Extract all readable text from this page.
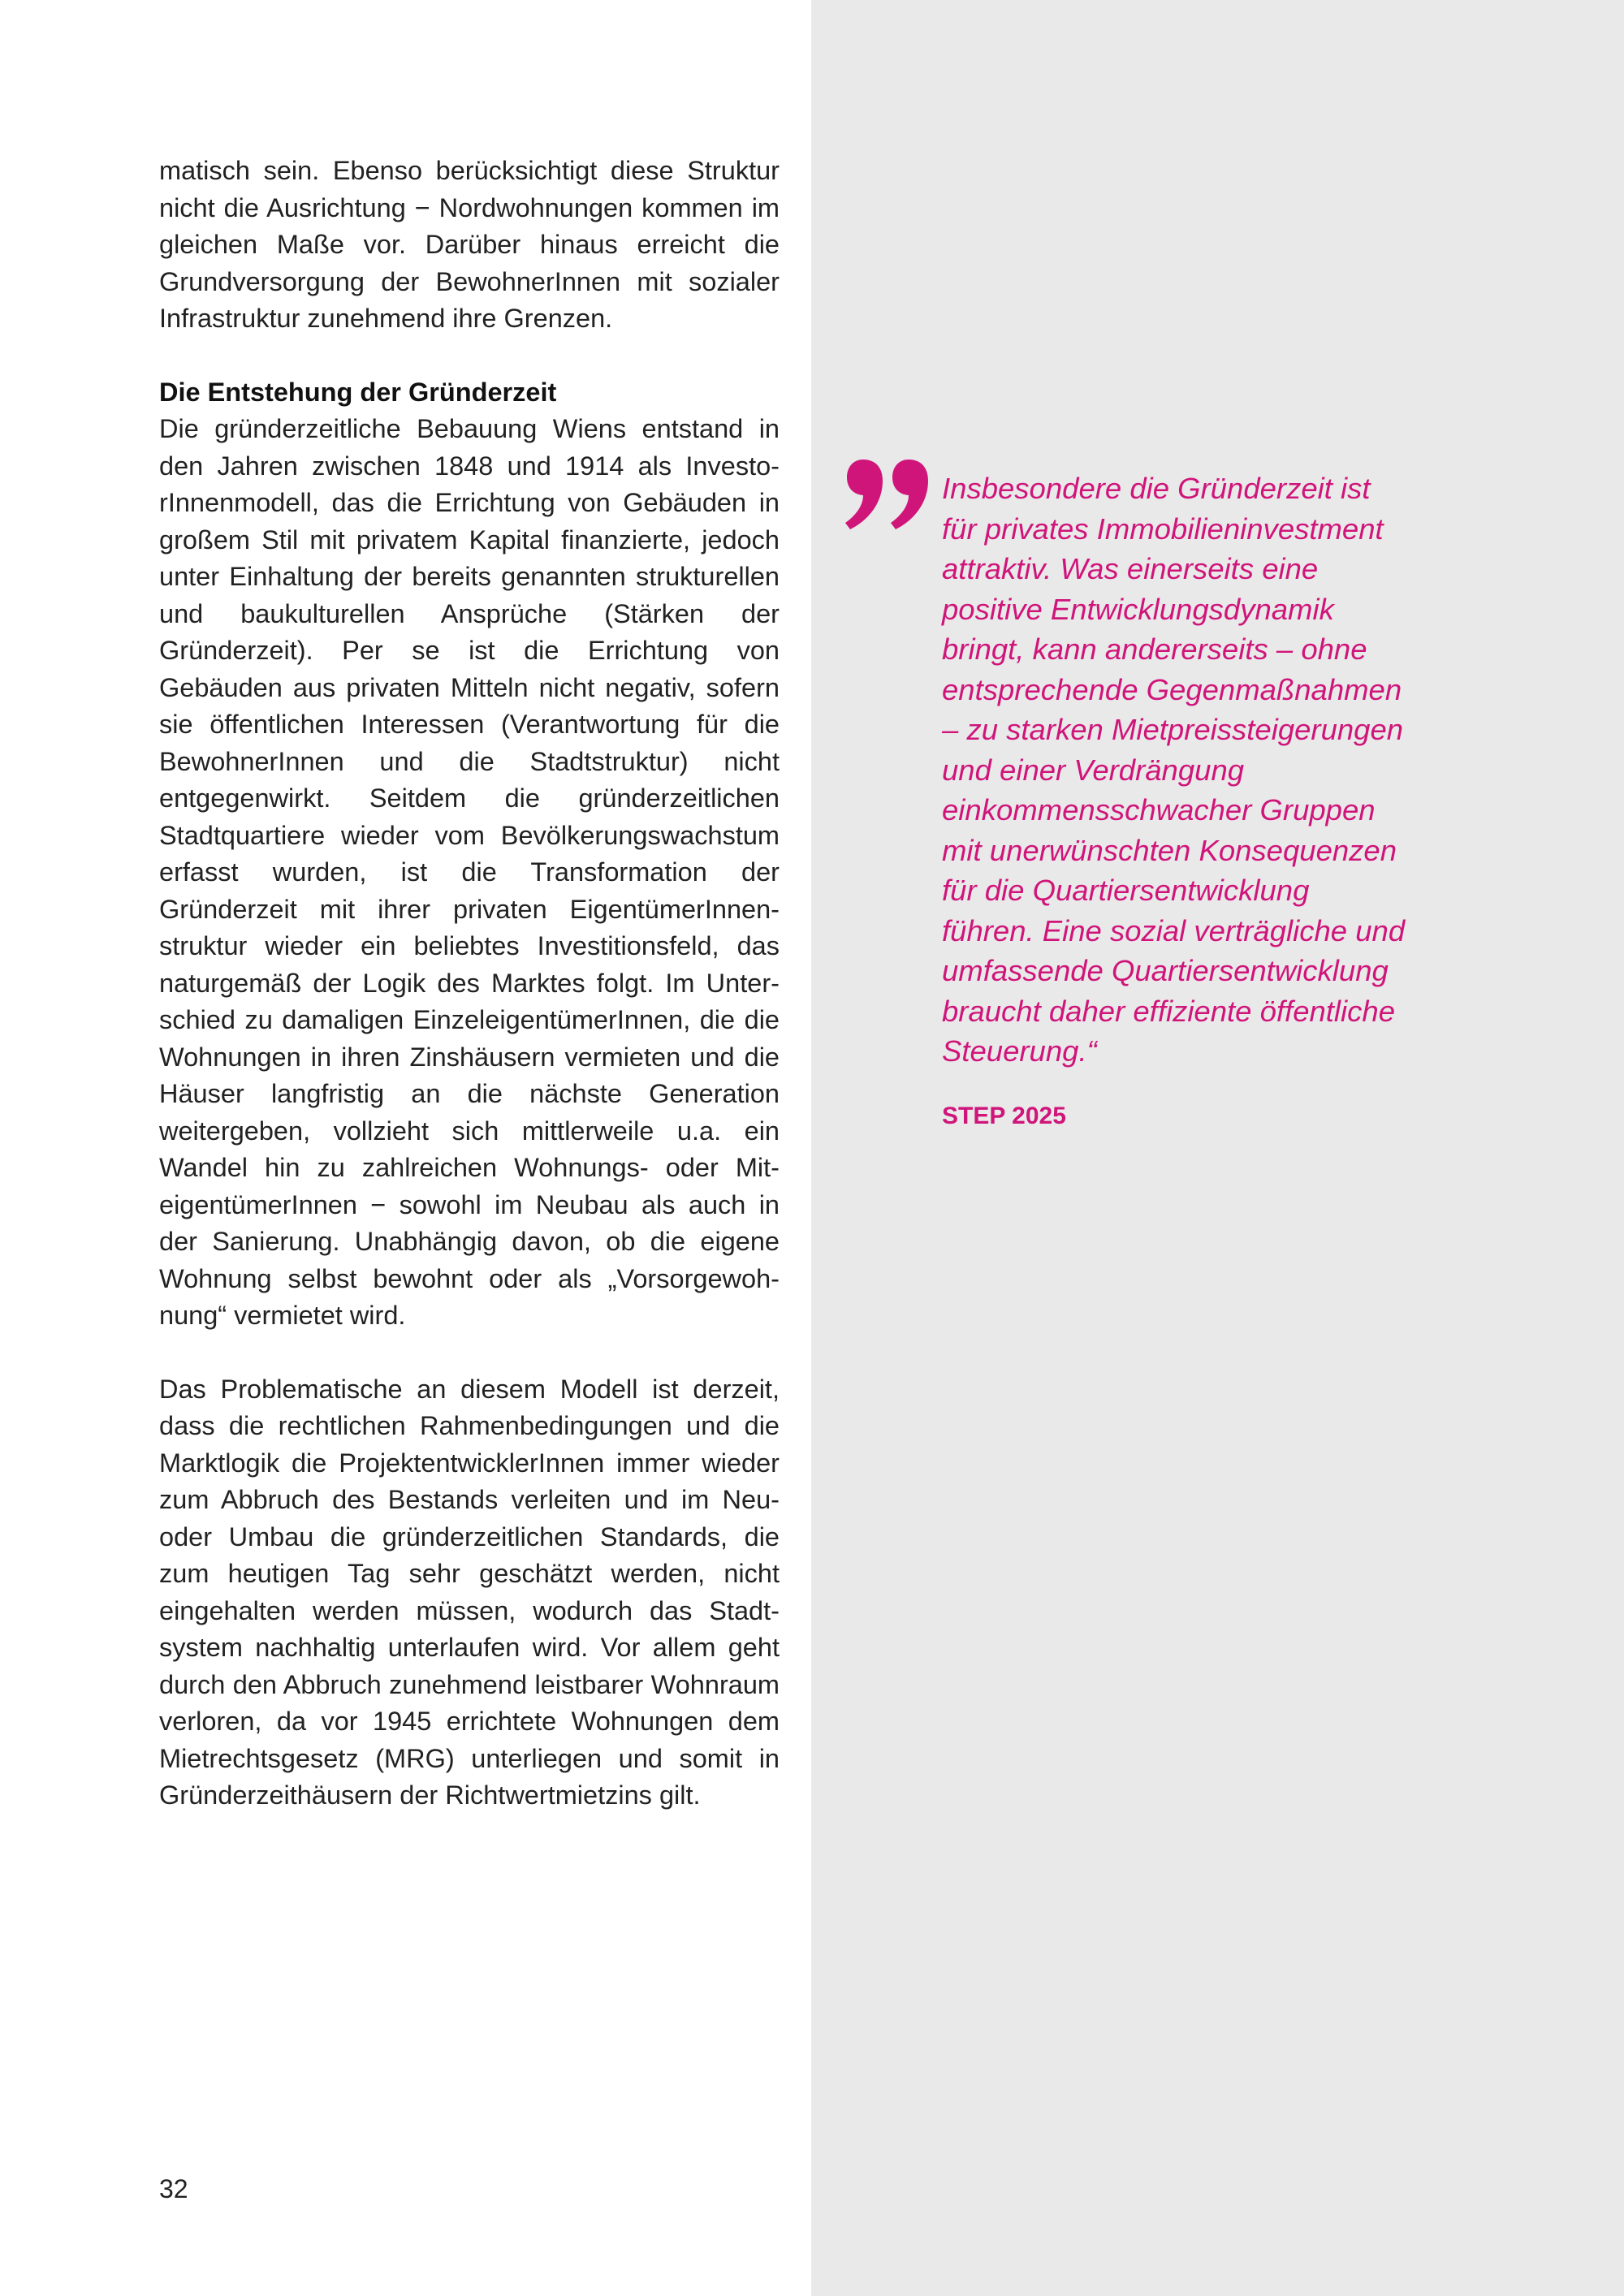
matisch sein. Ebenso berücksichtigt diese Struktur nicht die Ausrichtung − Nordwohnungen kommen im gleichen Maße vor. Darüber hinaus erreicht die Grundversorgung der BewohnerInnen mit sozialer Infrastruktur zunehmend ihre Grenzen.

Die Entstehung der Gründerzeit

Die gründerzeitliche Bebauung Wiens entstand in den Jahren zwischen 1848 und 1914 als InvestorInnenmodell, das die Errichtung von Gebäuden in großem Stil mit privatem Kapital finanzierte, jedoch unter Einhaltung der bereits genannten strukturellen und baukulturellen Ansprüche (Stärken der Gründerzeit). Per se ist die Errichtung von Gebäuden aus privaten Mitteln nicht negativ, sofern sie öffentlichen Interessen (Verantwortung für die BewohnerInnen und die Stadtstruktur) nicht entgegenwirkt. Seitdem die gründerzeitlichen Stadtquartiere wieder vom Bevölkerungswachstum erfasst wurden, ist die Transformation der Gründerzeit mit ihrer privaten EigentümerInnenstruktur wieder ein beliebtes Investitionsfeld, das naturgemäß der Logik des Marktes folgt. Im Unterschied zu damaligen EinzeleigentümerInnen, die die Wohnungen in ihren Zinshäusern vermieten und die Häuser langfristig an die nächste Generation weitergeben, vollzieht sich mittlerweile u.a. ein Wandel hin zu zahlreichen Wohnungs- oder MiteigentümerInnen − sowohl im Neubau als auch in der Sanierung. Unabhängig davon, ob die eigene Wohnung selbst bewohnt oder als „Vorsorgewohnung“ vermietet wird.

Das Problematische an diesem Modell ist derzeit, dass die rechtlichen Rahmenbedingungen und die Marktlogik die ProjektentwicklerInnen immer wieder zum Abbruch des Bestands verleiten und im Neu- oder Umbau die gründerzeitlichen Standards, die zum heutigen Tag sehr geschätzt werden, nicht eingehalten werden müssen, wodurch das Stadtsystem nachhaltig unterlaufen wird. Vor allem geht durch den Abbruch zunehmend leistbarer Wohnraum verloren, da vor 1945 errichtete Wohnungen dem Mietrechtsgesetz (MRG) unterliegen und somit in Gründerzeithäusern der Richtwertmietzins gilt.

Insbesondere die Gründerzeit ist
für privates Immobilieninvestment
attraktiv. Was einerseits eine
positive Entwicklungsdynamik
bringt, kann andererseits – ohne
entsprechende Gegenmaßnahmen
– zu starken Mietpreissteigerungen
und einer Verdrängung
einkommensschwacher Gruppen
mit unerwünschten Konsequenzen
für die Quartiersentwicklung
führen. Eine sozial verträgliche und
umfassende Quartiersentwicklung
braucht daher effiziente öffentliche
Steuerung.“
STEP 2025
32
